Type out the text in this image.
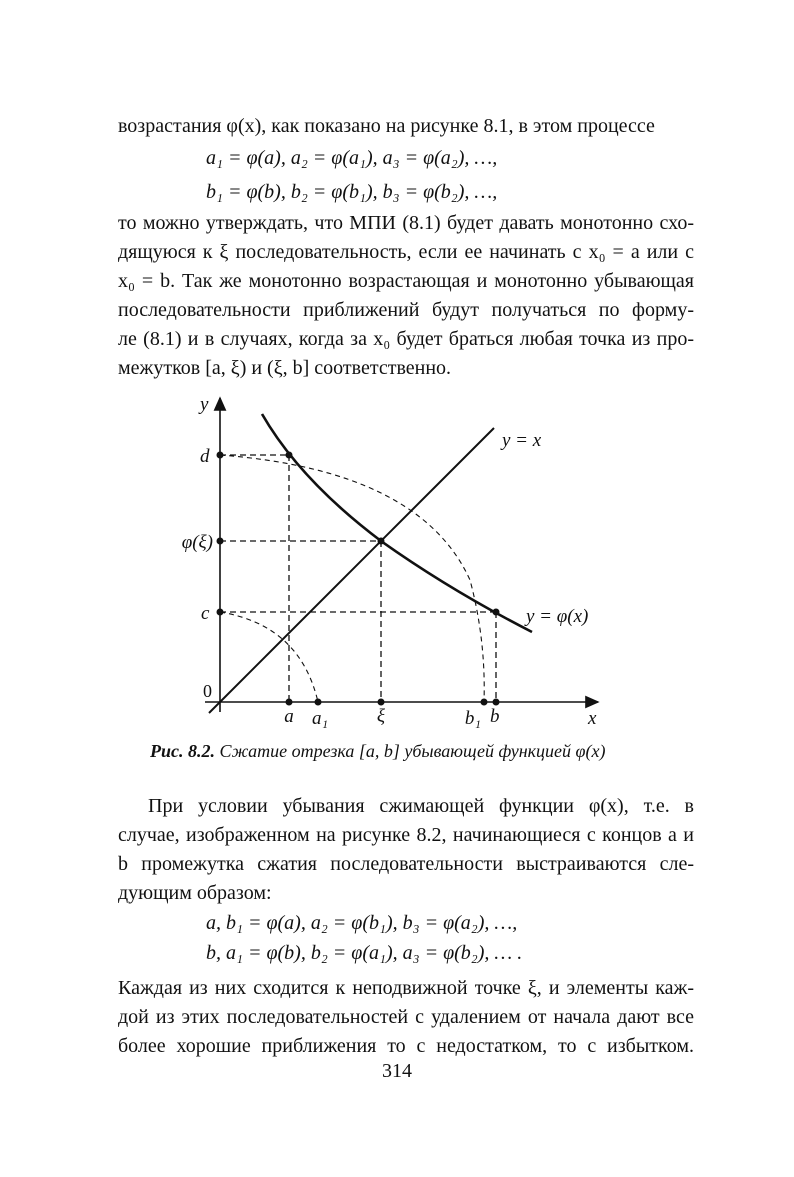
возрастания φ(x), как показано на рисунке 8.1, в этом процессе
a₁ = φ(a), a₂ = φ(a₁), a₃ = φ(a₂), …,
b₁ = φ(b), b₂ = φ(b₁), b₃ = φ(b₂), …,
то можно утверждать, что МПИ (8.1) будет давать монотонно схо-
дящуюся к ξ последовательность, если ее начинать с x₀ = a или с
x₀ = b. Так же монотонно возрастающая и монотонно убывающая
последовательности приближений будут получаться по форму-
ле (8.1) и в случаях, когда за x₀ будет браться любая точка из про-
межутков [a, ξ) и (ξ, b] соответственно.
y
x
0
d
φ(ξ)
c
a a₁	ξ	b₁ b
y = x
y = φ(x)
Рис. 8.2. Сжатие отрезка [a, b] убывающей функцией φ(x)
При условии убывания сжимающей функции φ(x), т.е. в
случае, изображенном на рисунке 8.2, начинающиеся с концов a и
b промежутка сжатия последовательности выстраиваются сле-
дующим образом:
a, b₁ = φ(a), a₂ = φ(b₁), b₃ = φ(a₂), …,
b, a₁ = φ(b), b₂ = φ(a₁), a₃ = φ(b₂), … .
Каждая из них сходится к неподвижной точке ξ, и элементы каж-
дой из этих последовательностей с удалением от начала дают все
более хорошие приближения то с недостатком, то с избытком.
314
